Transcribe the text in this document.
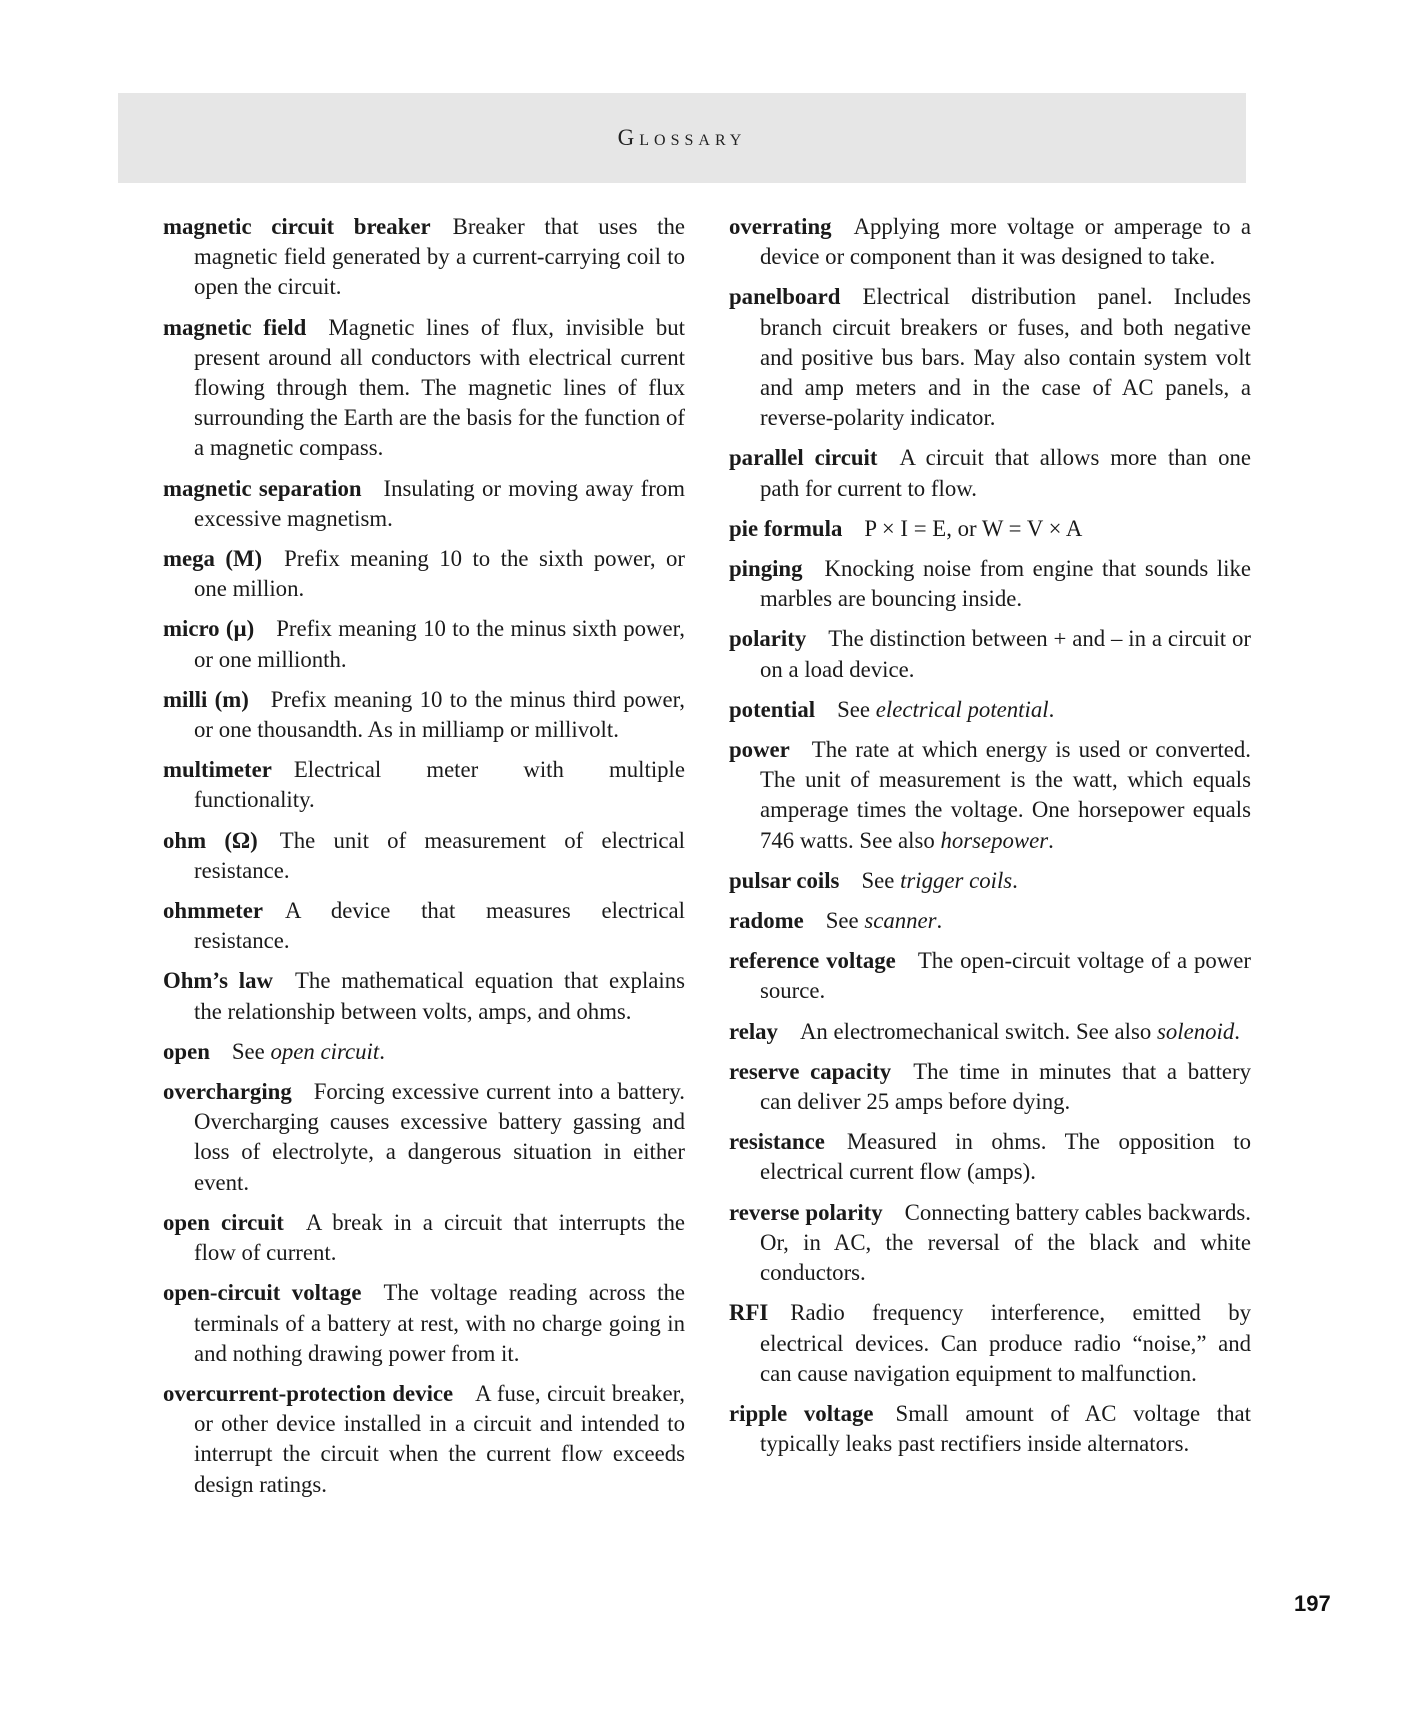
Glossary

magnetic circuit breaker Breaker that uses the magnetic field generated by a current-carrying coil to open the circuit.

magnetic field Magnetic lines of flux, invisible but present around all conductors with electrical current flowing through them. The magnetic lines of flux surrounding the Earth are the basis for the function of a magnetic compass.

magnetic separation Insulating or moving away from excessive magnetism.

mega (M) Prefix meaning 10 to the sixth power, or one million.

micro (µ) Prefix meaning 10 to the minus sixth power, or one millionth.

milli (m) Prefix meaning 10 to the minus third power, or one thousandth. As in milliamp or millivolt.

multimeter Electrical meter with multiple functionality.

ohm (Ω) The unit of measurement of electrical resistance.

ohmmeter A device that measures electrical resistance.

Ohm’s law The mathematical equation that explains the relationship between volts, amps, and ohms.

open See open circuit.

overcharging Forcing excessive current into a battery. Overcharging causes excessive battery gassing and loss of electrolyte, a dangerous situation in either event.

open circuit A break in a circuit that interrupts the flow of current.

open-circuit voltage The voltage reading across the terminals of a battery at rest, with no charge going in and nothing drawing power from it.

overcurrent-protection device A fuse, circuit breaker, or other device installed in a circuit and intended to interrupt the circuit when the current flow exceeds design ratings.

overrating Applying more voltage or amperage to a device or component than it was designed to take.

panelboard Electrical distribution panel. Includes branch circuit breakers or fuses, and both negative and positive bus bars. May also contain system volt and amp meters and in the case of AC panels, a reverse-polarity indicator.

parallel circuit A circuit that allows more than one path for current to flow.

pie formula P × I = E, or W = V × A

pinging Knocking noise from engine that sounds like marbles are bouncing inside.

polarity The distinction between + and – in a circuit or on a load device.

potential See electrical potential.

power The rate at which energy is used or converted. The unit of measurement is the watt, which equals amperage times the voltage. One horsepower equals 746 watts. See also horsepower.

pulsar coils See trigger coils.

radome See scanner.

reference voltage The open-circuit voltage of a power source.

relay An electromechanical switch. See also solenoid.

reserve capacity The time in minutes that a battery can deliver 25 amps before dying.

resistance Measured in ohms. The opposition to electrical current flow (amps).

reverse polarity Connecting battery cables backwards. Or, in AC, the reversal of the black and white conductors.

RFI Radio frequency interference, emitted by electrical devices. Can produce radio “noise,” and can cause navigation equipment to malfunction.

ripple voltage Small amount of AC voltage that typically leaks past rectifiers inside alternators.

197
